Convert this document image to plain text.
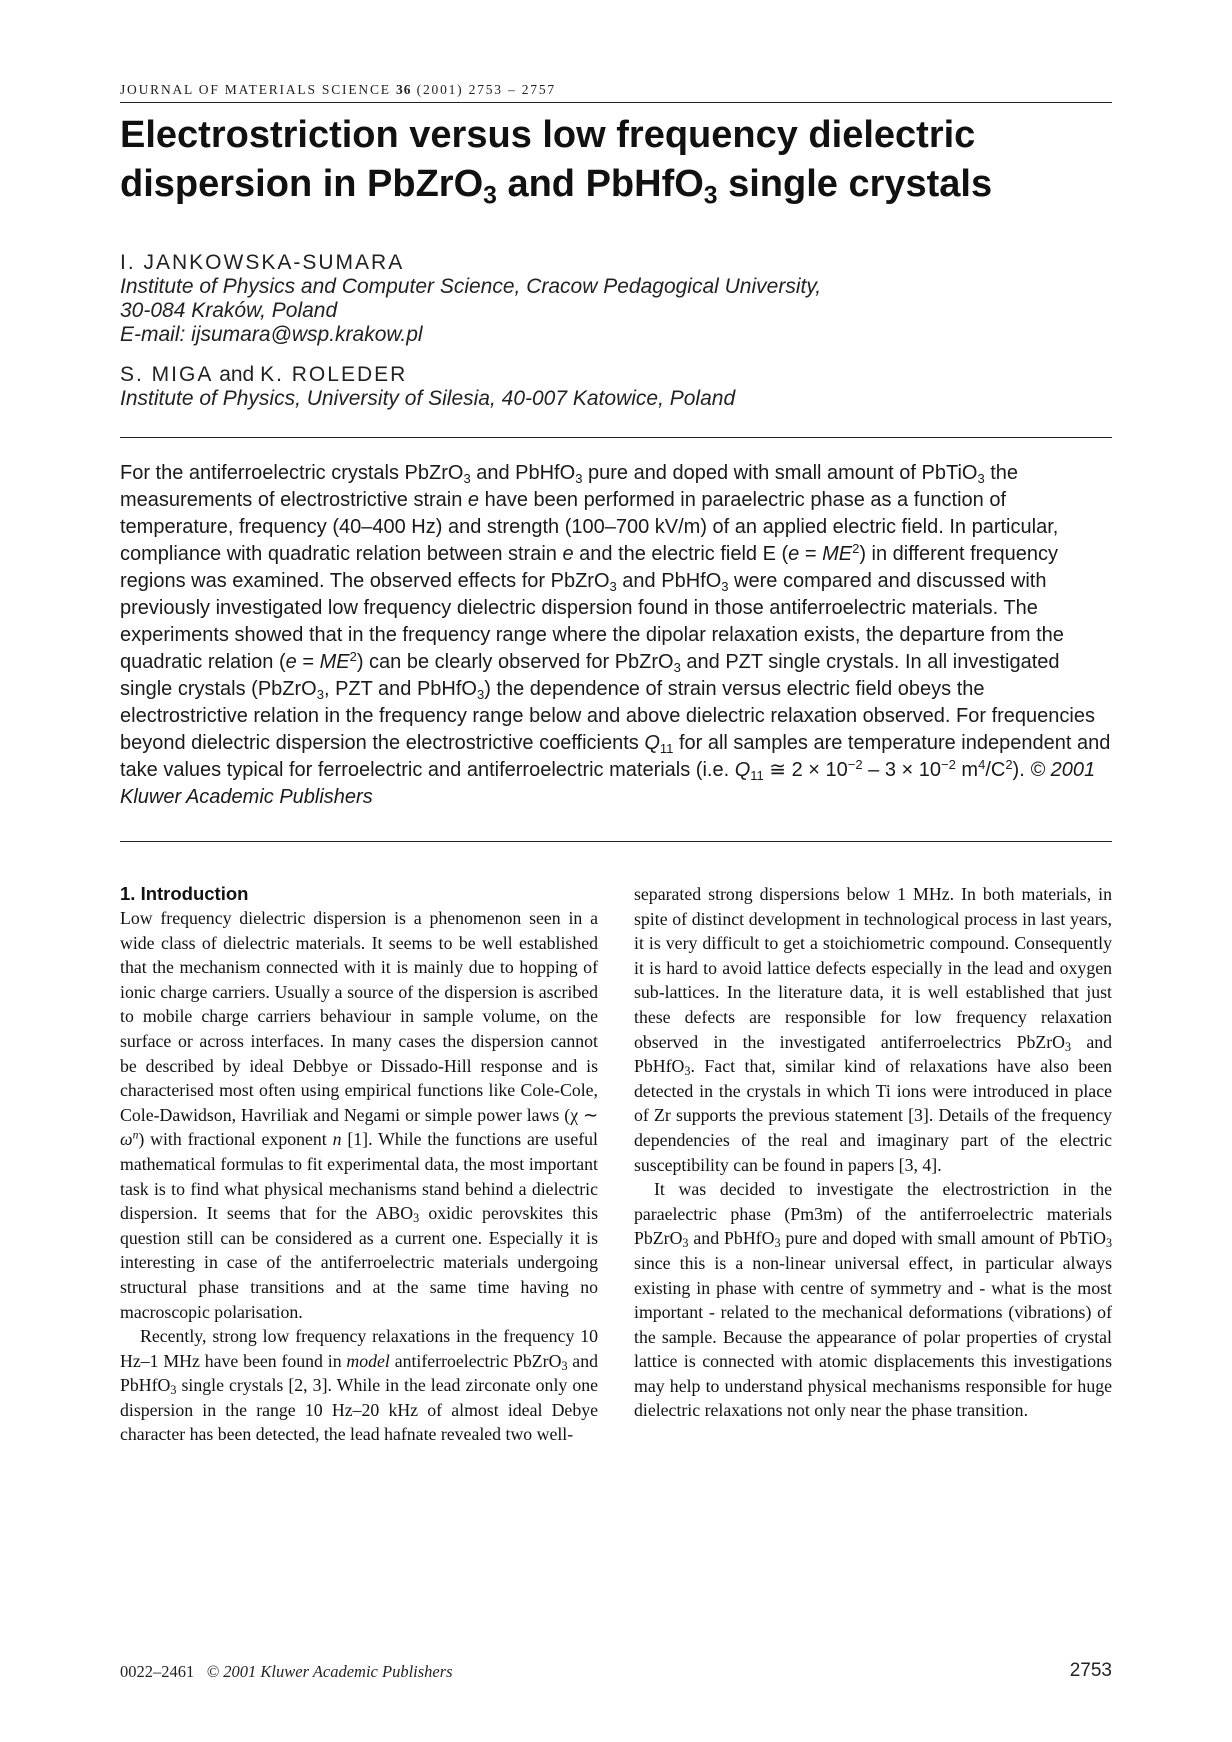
JOURNAL OF MATERIALS SCIENCE 36 (2001) 2753 – 2757
Electrostriction versus low frequency dielectric
dispersion in PbZrO$_3$ and PbHfO$_3$ single crystals
I. JANKOWSKA-SUMARA
Institute of Physics and Computer Science, Cracow Pedagogical University,
30-084 Kraków, Poland
E-mail: ijsumara@wsp.krakow.pl
S. MIGA and K. ROLEDER
Institute of Physics, University of Silesia, 40-007 Katowice, Poland
For the antiferroelectric crystals PbZrO$_3$ and PbHfO$_3$ pure and doped with small amount of PbTiO$_3$ the measurements of electrostrictive strain e have been performed in paraelectric phase as a function of temperature, frequency (40–400 Hz) and strength (100–700 kV/m) of an applied electric field. In particular, compliance with quadratic relation between strain e and the electric field E $(e = ME^2)$ in different frequency regions was examined. The observed effects for PbZrO$_3$ and PbHfO$_3$ were compared and discussed with previously investigated low frequency dielectric dispersion found in those antiferroelectric materials. The experiments showed that in the frequency range where the dipolar relaxation exists, the departure from the quadratic relation $(e = ME^2)$ can be clearly observed for PbZrO$_3$ and PZT single crystals. In all investigated single crystals (PbZrO$_3$, PZT and PbHfO$_3$) the dependence of strain versus electric field obeys the electrostrictive relation in the frequency range below and above dielectric relaxation observed. For frequencies beyond dielectric dispersion the electrostrictive coefficients $Q_{11}$ for all samples are temperature independent and take values typical for ferroelectric and antiferroelectric materials (i.e. $Q_{11}$ ≅ $2 \times 10^{-2} - 3 \times 10^{-2}$ $m^4/C^2$). © 2001 Kluwer Academic Publishers

1. Introduction

Low frequency dielectric dispersion is a phenomenon seen in a wide class of dielectric materials. It seems to be well established that the mechanism connected with it is mainly due to hopping of ionic charge carriers. Usually a source of the dispersion is ascribed to mobile charge carriers behaviour in sample volume, on the surface or across interfaces. In many cases the dispersion cannot be described by ideal Debbye or Dissado-Hill response and is characterised most often using empirical functions like Cole-Cole, Cole-Dawidson, Havriliak and Negami or simple power laws (χ ∼ $\omega^n$) with fractional exponent n [1]. While the functions are useful mathematical formulas to fit experimental data, the most important task is to find what physical mechanisms stand behind a dielectric dispersion. It seems that for the $ABO_3$ oxidic perovskites this question still can be considered as a current one. Especially it is interesting in case of the antiferroelectric materials undergoing structural phase transitions and at the same time having no macroscopic polarisation.

Recently, strong low frequency relaxations in the frequency 10 Hz–1 MHz have been found in model antiferroelectric PbZrO$_3$ and PbHfO$_3$ single crystals [2, 3]. While in the lead zirconate only one dispersion in the range 10 Hz–20 kHz of almost ideal Debye character has been detected, the lead hafnate revealed two well-

separated strong dispersions below 1 MHz. In both materials, in spite of distinct development in technological process in last years, it is very difficult to get a stoichiometric compound. Consequently it is hard to avoid lattice defects especially in the lead and oxygen sub-lattices. In the literature data, it is well established that just these defects are responsible for low frequency relaxation observed in the investigated antiferroelectrics PbZrO$_3$ and PbHfO$_3$. Fact that, similar kind of relaxations have also been detected in the crystals in which Ti ions were introduced in place of Zr supports the previous statement [3]. Details of the frequency dependencies of the real and imaginary part of the electric susceptibility can be found in papers [3, 4].

It was decided to investigate the electrostriction in the paraelectric phase (Pm3m) of the antiferroelectric materials PbZrO$_3$ and PbHfO$_3$ pure and doped with small amount of PbTiO$_3$ since this is a non-linear universal effect, in particular always existing in phase with centre of symmetry and - what is the most important - related to the mechanical deformations (vibrations) of the sample. Because the appearance of polar properties of crystal lattice is connected with atomic displacements this investigations may help to understand physical mechanisms responsible for huge dielectric relaxations not only near the phase transition.

0022–2461 © 2001 Kluwer Academic Publishers	2753
